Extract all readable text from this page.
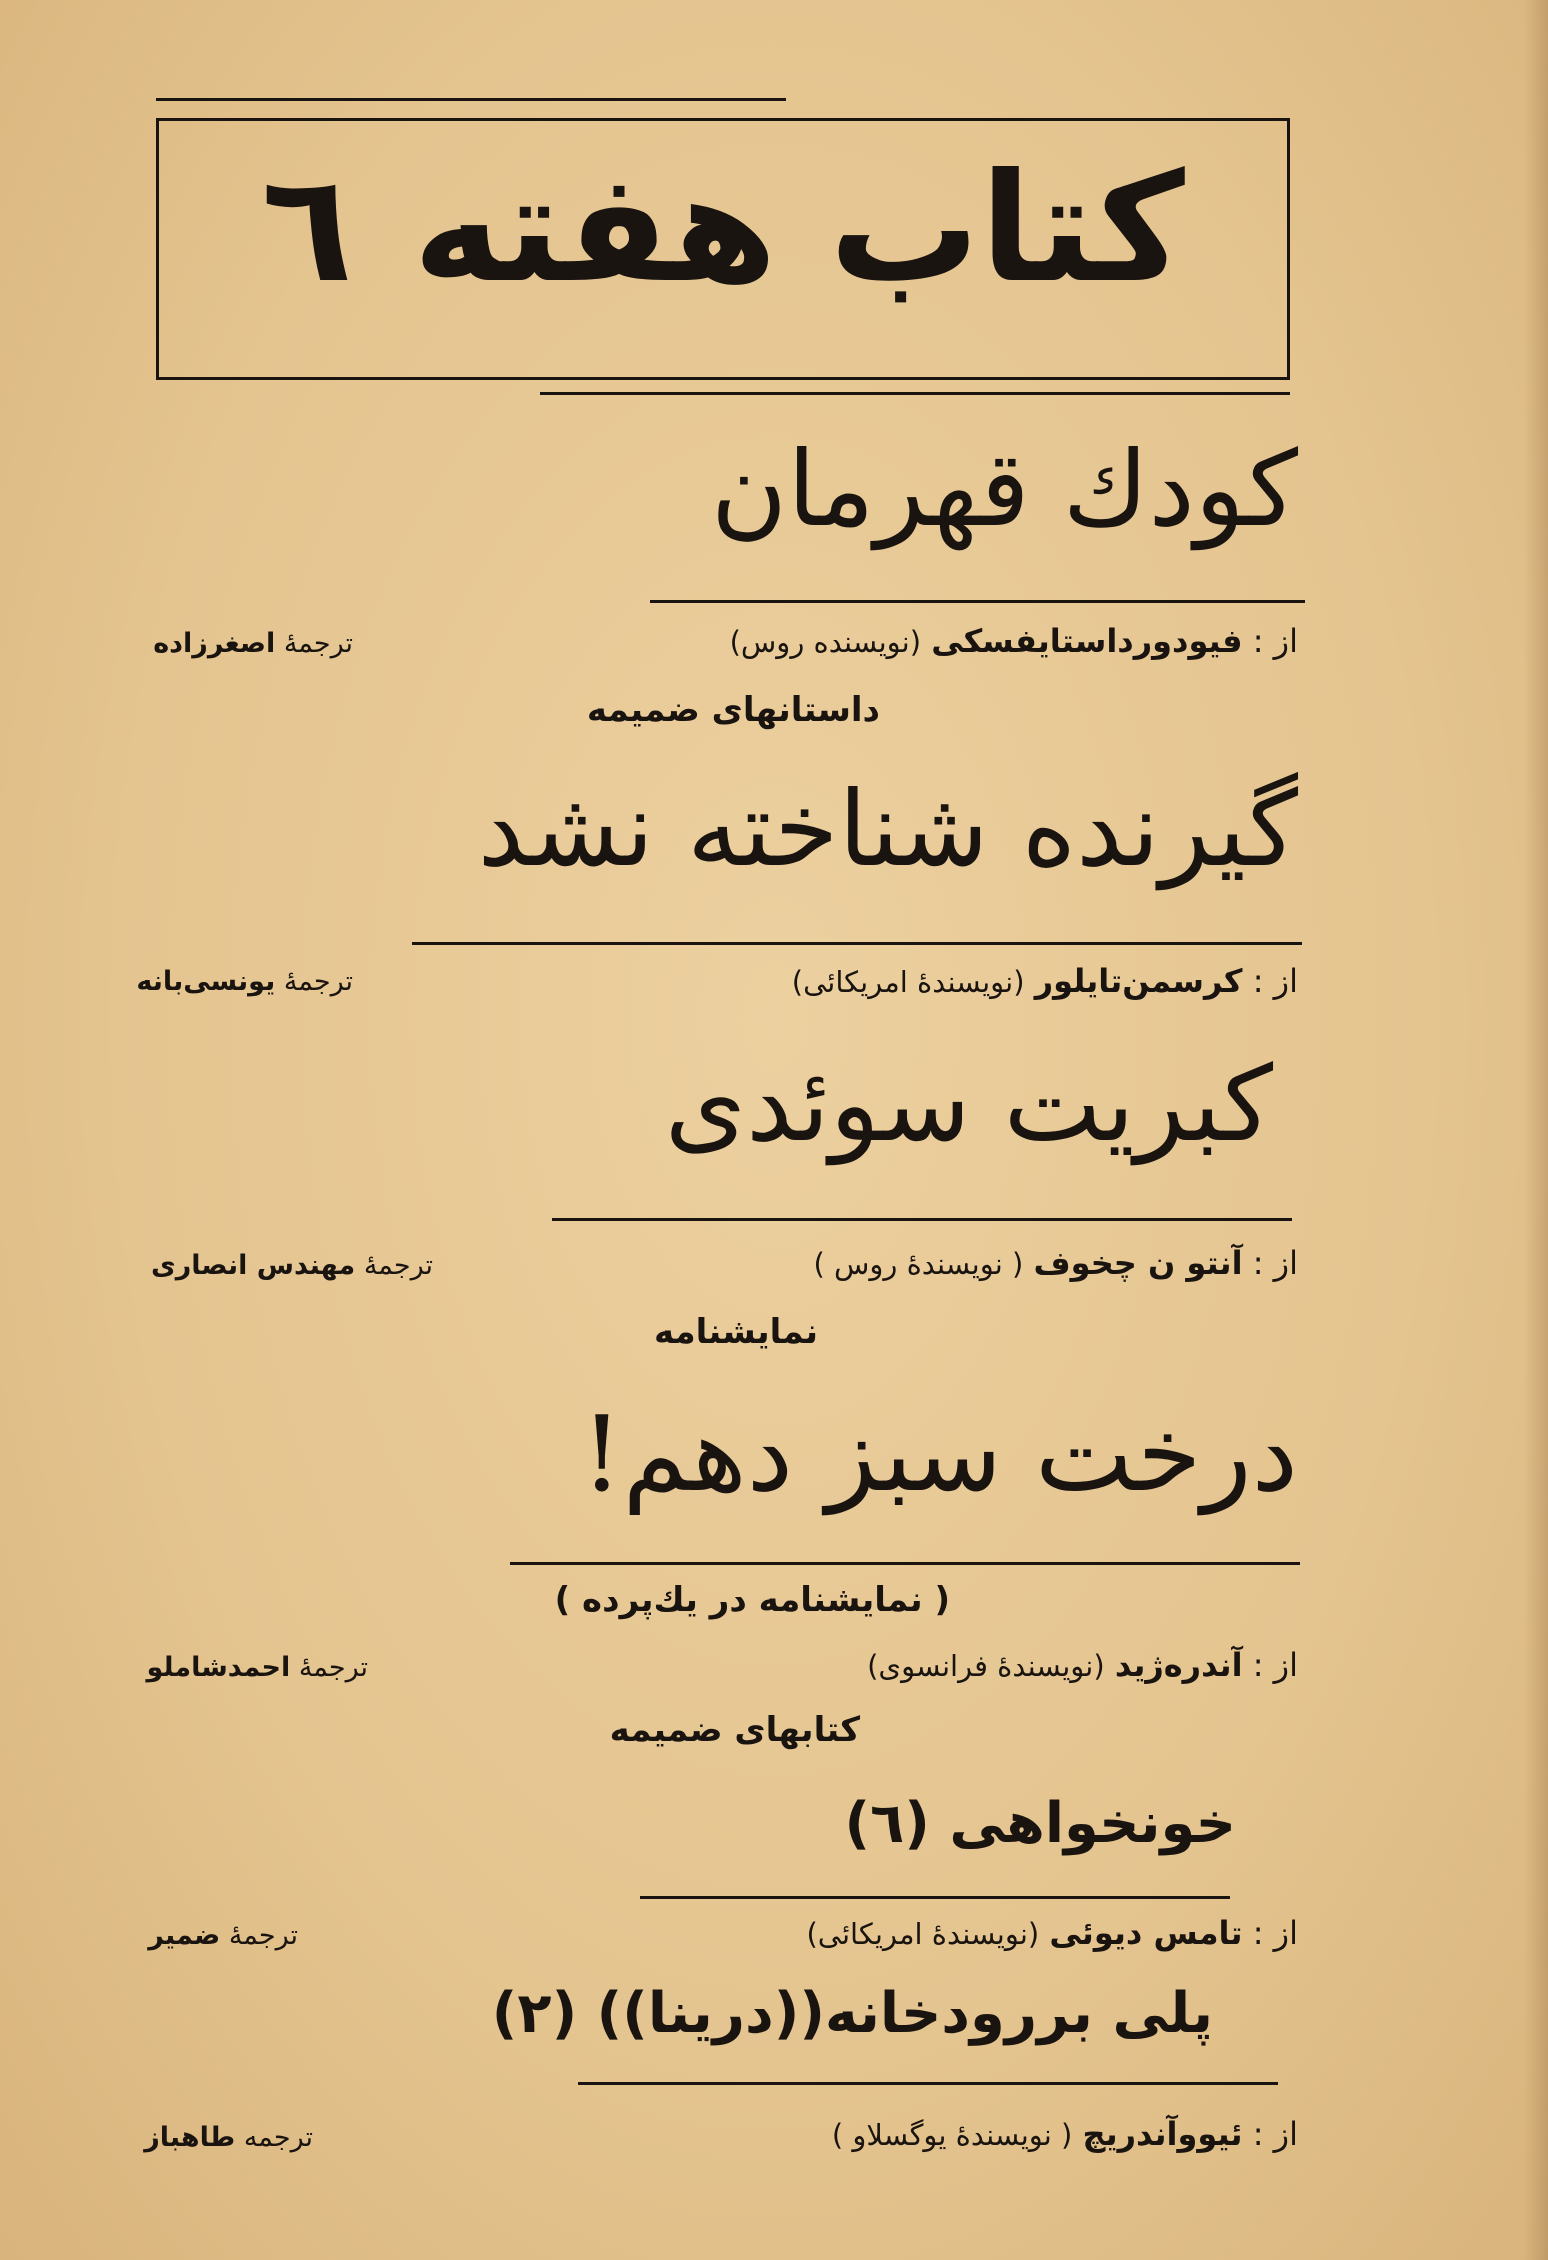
کتاب هفته٦
کودك قهرمان
از : فیودورداستایفسکی (نویسنده روس)
ترجمهٔ اصغرزاده
داستانهای ضمیمه
گیرنده شناخته نشد
از : کرسمن‌تایلور (نویسندهٔ امریکائی)
ترجمهٔ یونسی‌بانه
کبریت سوئدی
از : آنتو ن چخوف ( نویسندهٔ روس )
ترجمهٔ مهندس انصاری
نمایشنامه
درخت سبز دهم!
( نمایشنامه در یك‌پرده )
از : آندره‌ژید (نویسندهٔ فرانسوی)
ترجمهٔ احمدشاملو
کتابهای ضمیمه
خونخواهی (٦)
از : تامس دیوئی (نویسندهٔ امریکائی)
ترجمهٔ ضمیر
پلی بررودخانه((درینا)) (٢)
از : ئیووآندریچ ( نویسندهٔ یوگسلاو )
ترجمه طاهباز
